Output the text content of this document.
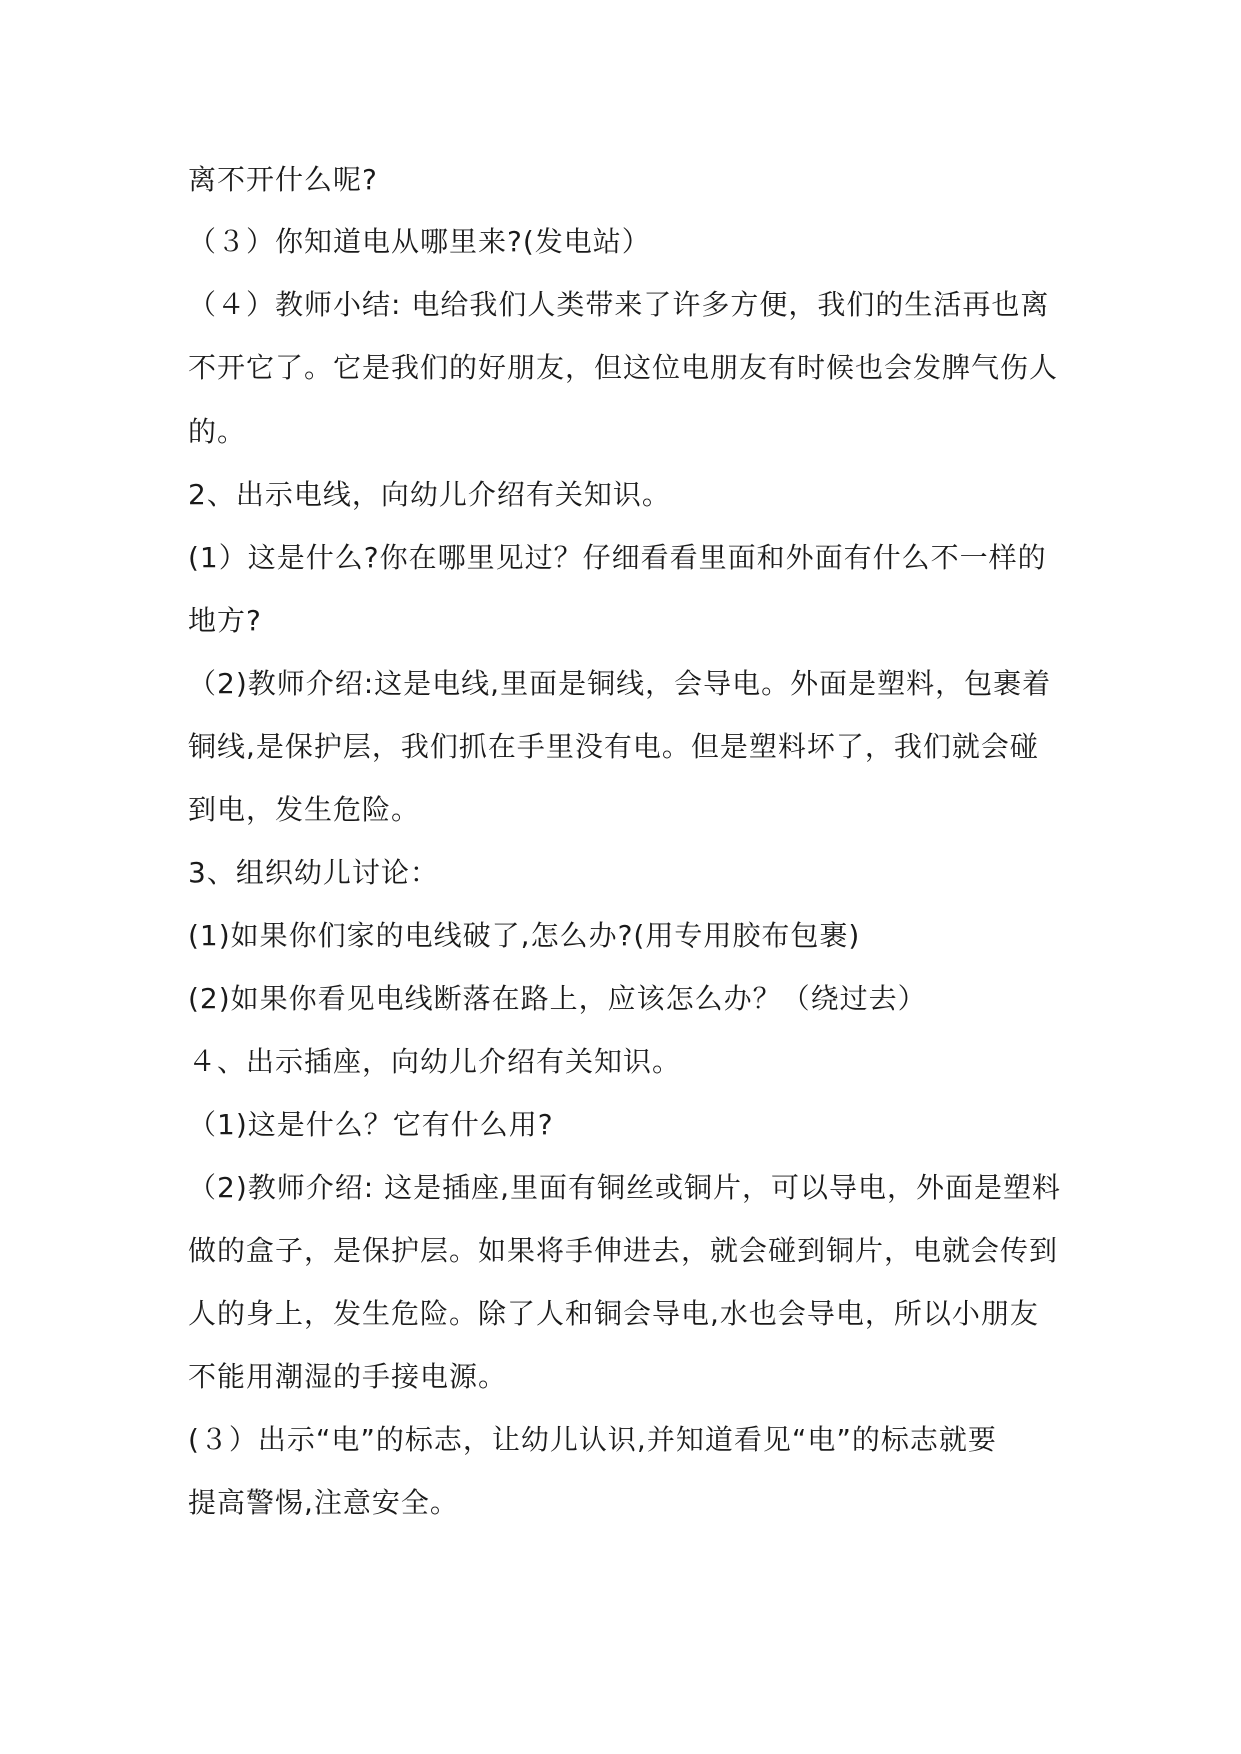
离不开什么呢?
（３）你知道电从哪里来?(发电站）
（４）教师小结: 电给我们人类带来了许多方便，我们的生活再也离
不开它了。它是我们的好朋友，但这位电朋友有时候也会发脾气伤人
的。
2、出示电线，向幼儿介绍有关知识。
(1）这是什么?你在哪里见过？仔细看看里面和外面有什么不一样的
地方?
（2)教师介绍:这是电线,里面是铜线，会导电。外面是塑料，包裹着
铜线,是保护层，我们抓在手里没有电。但是塑料坏了，我们就会碰
到电，发生危险。
3、组织幼儿讨论：
(1)如果你们家的电线破了,怎么办?(用专用胶布包裹)
(2)如果你看见电线断落在路上，应该怎么办？（绕过去）
４、出示插座，向幼儿介绍有关知识。
（1)这是什么？它有什么用?
（2)教师介绍: 这是插座,里面有铜丝或铜片，可以导电，外面是塑料
做的盒子，是保护层。如果将手伸进去，就会碰到铜片，电就会传到
人的身上，发生危险。除了人和铜会导电,水也会导电，所以小朋友
不能用潮湿的手接电源。
(３）出示“电”的标志，让幼儿认识,并知道看见“电”的标志就要
提高警惕,注意安全。
